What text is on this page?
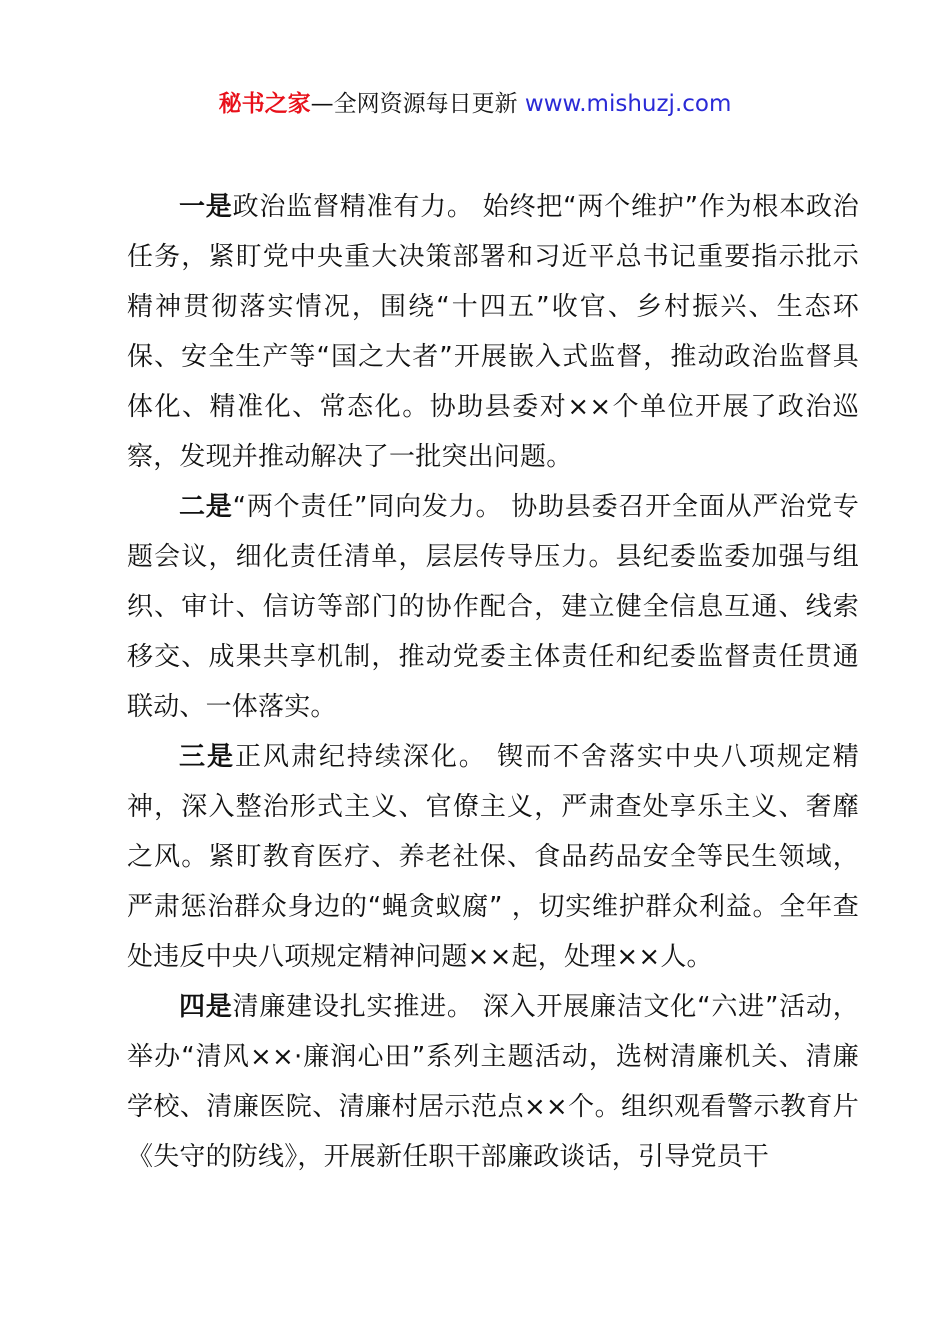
秘书之家—全网资源每日更新 www.mishuzj.com

一是政治监督精准有力。 始终把“两个维护”作为根本政治任务，紧盯党中央重大决策部署和习近平总书记重要指示批示精神贯彻落实情况，围绕“十四五”收官、乡村振兴、生态环保、安全生产等“国之大者”开展嵌入式监督，推动政治监督具体化、精准化、常态化。协助县委对××个单位开展了政治巡察，发现并推动解决了一批突出问题。

二是“两个责任”同向发力。 协助县委召开全面从严治党专题会议，细化责任清单，层层传导压力。县纪委监委加强与组织、审计、信访等部门的协作配合，建立健全信息互通、线索移交、成果共享机制，推动党委主体责任和纪委监督责任贯通联动、一体落实。

三是正风肃纪持续深化。 锲而不舍落实中央八项规定精神，深入整治形式主义、官僚主义，严肃查处享乐主义、奢靡之风。紧盯教育医疗、养老社保、食品药品安全等民生领域，严肃惩治群众身边的“蝇贪蚁腐” ，切实维护群众利益。全年查处违反中央八项规定精神问题××起，处理××人。

四是清廉建设扎实推进。 深入开展廉洁文化“六进”活动，举办“清风××·廉润心田”系列主题活动，选树清廉机关、清廉学校、清廉医院、清廉村居示范点××个。组织观看警示教育片《失守的防线》，开展新任职干部廉政谈话，引导党员干
